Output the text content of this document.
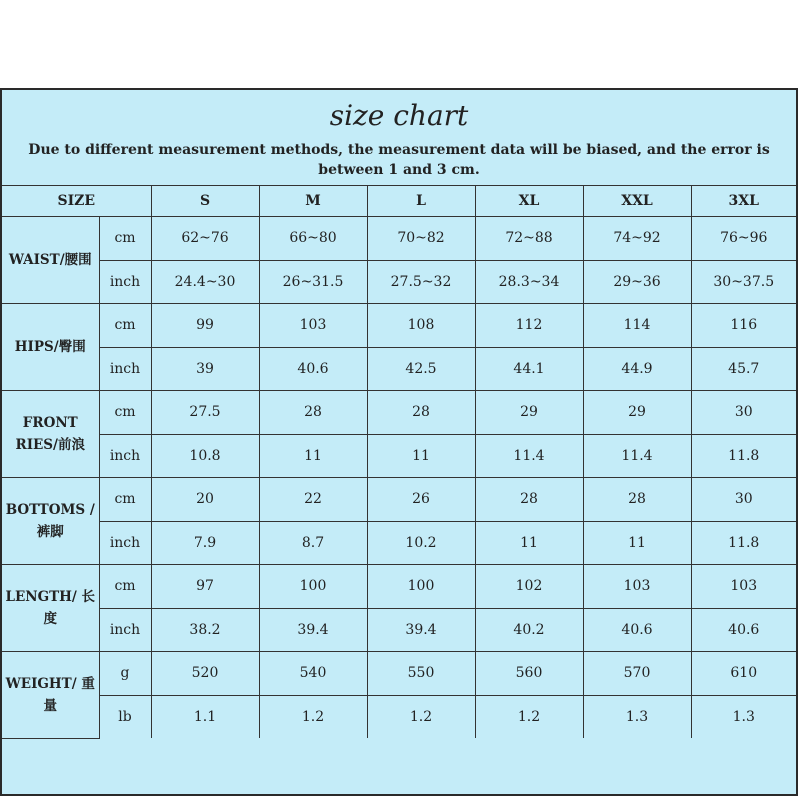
size chart
Due to different measurement methods, the measurement data will be biased, and the error is between 1 and 3 cm.
SIZE		S	M	L	XL	XXL	3XL
WAIST/腰围	cm	62~76	66~80	70~82	72~88	74~92	76~96
	inch	24.4~30	26~31.5	27.5~32	28.3~34	29~36	30~37.5
HIPS/臀围	cm	99	103	108	112	114	116
	inch	39	40.6	42.5	44.1	44.9	45.7
FRONT RIES/前浪	cm	27.5	28	28	29	29	30
	inch	10.8	11	11	11.4	11.4	11.8
BOTTOMS /裤脚	cm	20	22	26	28	28	30
	inch	7.9	8.7	10.2	11	11	11.8
LENGTH/ 长度	cm	97	100	100	102	103	103
	inch	38.2	39.4	39.4	40.2	40.6	40.6
WEIGHT/ 重量	g	520	540	550	560	570	610
	lb	1.1	1.2	1.2	1.2	1.3	1.3
